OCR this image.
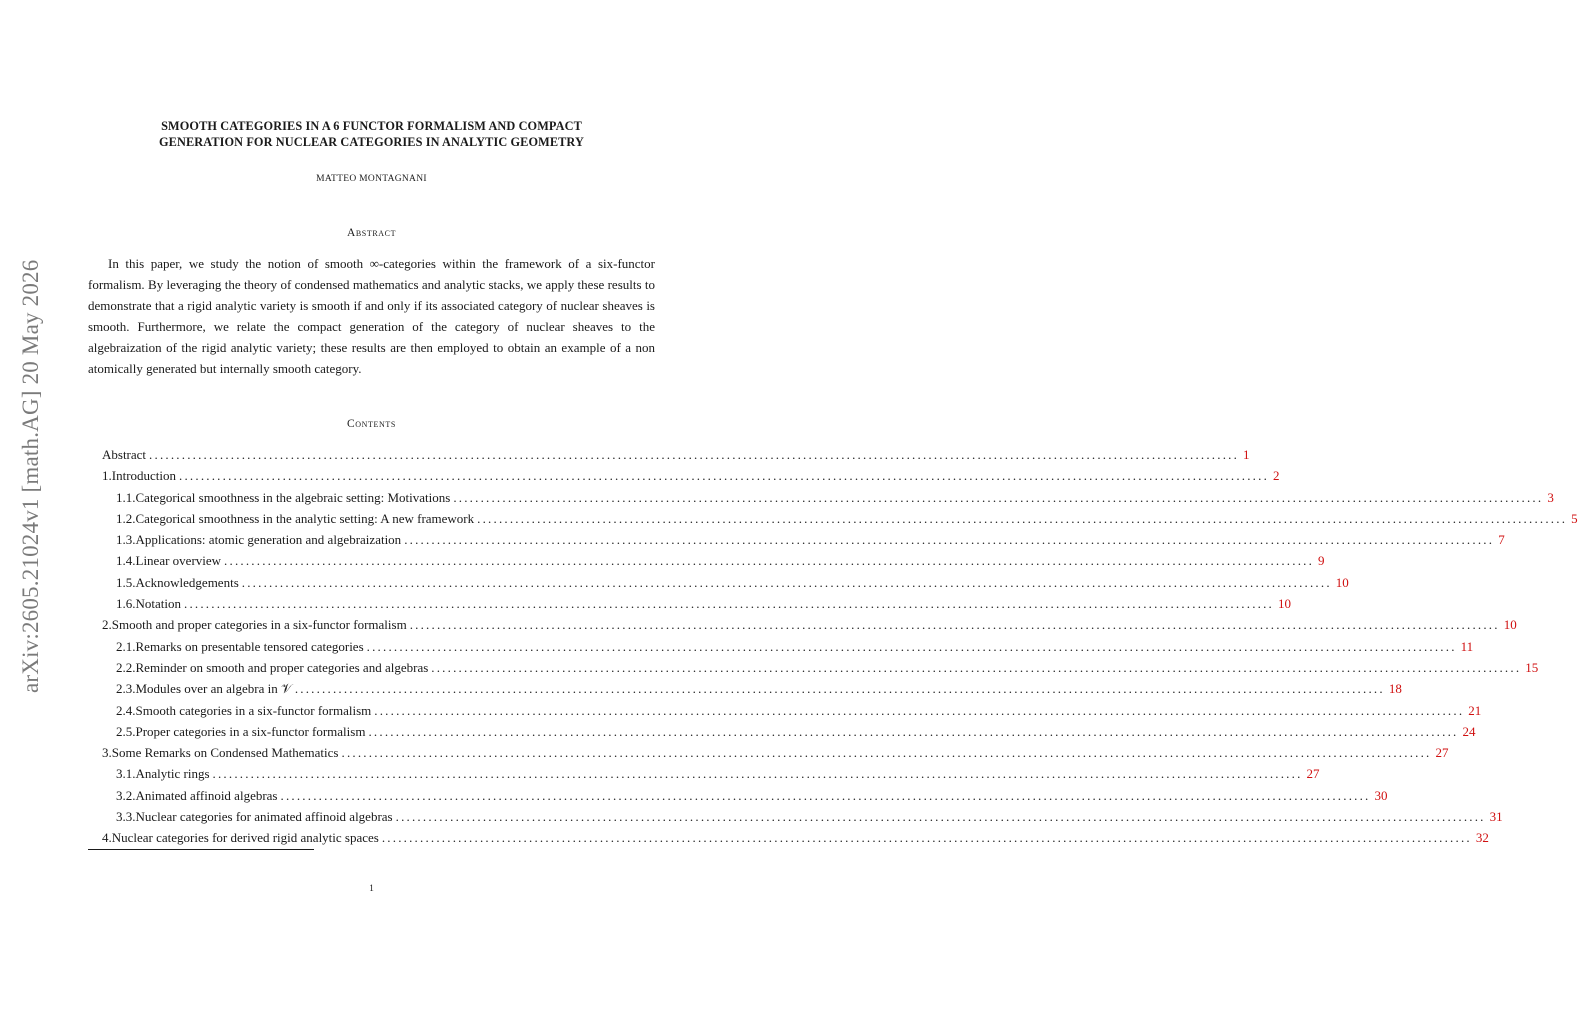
arXiv:2605.21024v1 [math.AG] 20 May 2026
SMOOTH CATEGORIES IN A 6 FUNCTOR FORMALISM AND COMPACT
GENERATION FOR NUCLEAR CATEGORIES IN ANALYTIC GEOMETRY
MATTEO MONTAGNANI
Abstract
In this paper, we study the notion of smooth ∞-categories within the framework of a six-functor formalism. By leveraging the theory of condensed mathematics and analytic stacks, we apply these results to demonstrate that a rigid analytic variety is smooth if and only if its associated category of nuclear sheaves is smooth. Furthermore, we relate the compact generation of the category of nuclear sheaves to the algebraization of the rigid analytic variety; these results are then employed to obtain an example of a non atomically generated but internally smooth category.
Contents
Abstract ........................................................................................................................................................................................................ 1
1. Introduction ........................................................................................................................................................................................................ 2
1.1. Categorical smoothness in the algebraic setting: Motivations ........................................................................................................................................................................................................ 3
1.2. Categorical smoothness in the analytic setting: A new framework ........................................................................................................................................................................................................ 5
1.3. Applications: atomic generation and algebraization ........................................................................................................................................................................................................ 7
1.4. Linear overview ........................................................................................................................................................................................................ 9
1.5. Acknowledgements ........................................................................................................................................................................................................ 10
1.6. Notation ........................................................................................................................................................................................................ 10
2. Smooth and proper categories in a six-functor formalism ........................................................................................................................................................................................................ 10
2.1. Remarks on presentable tensored categories ........................................................................................................................................................................................................ 11
2.2. Reminder on smooth and proper categories and algebras ........................................................................................................................................................................................................ 15
2.3. Modules over an algebra in 𝒱 ........................................................................................................................................................................................................ 18
2.4. Smooth categories in a six-functor formalism ........................................................................................................................................................................................................ 21
2.5. Proper categories in a six-functor formalism ........................................................................................................................................................................................................ 24
3. Some Remarks on Condensed Mathematics ........................................................................................................................................................................................................ 27
3.1. Analytic rings ........................................................................................................................................................................................................ 27
3.2. Animated affinoid algebras ........................................................................................................................................................................................................ 30
3.3. Nuclear categories for animated affinoid algebras ........................................................................................................................................................................................................ 31
4. Nuclear categories for derived rigid analytic spaces ........................................................................................................................................................................................................ 32
1
